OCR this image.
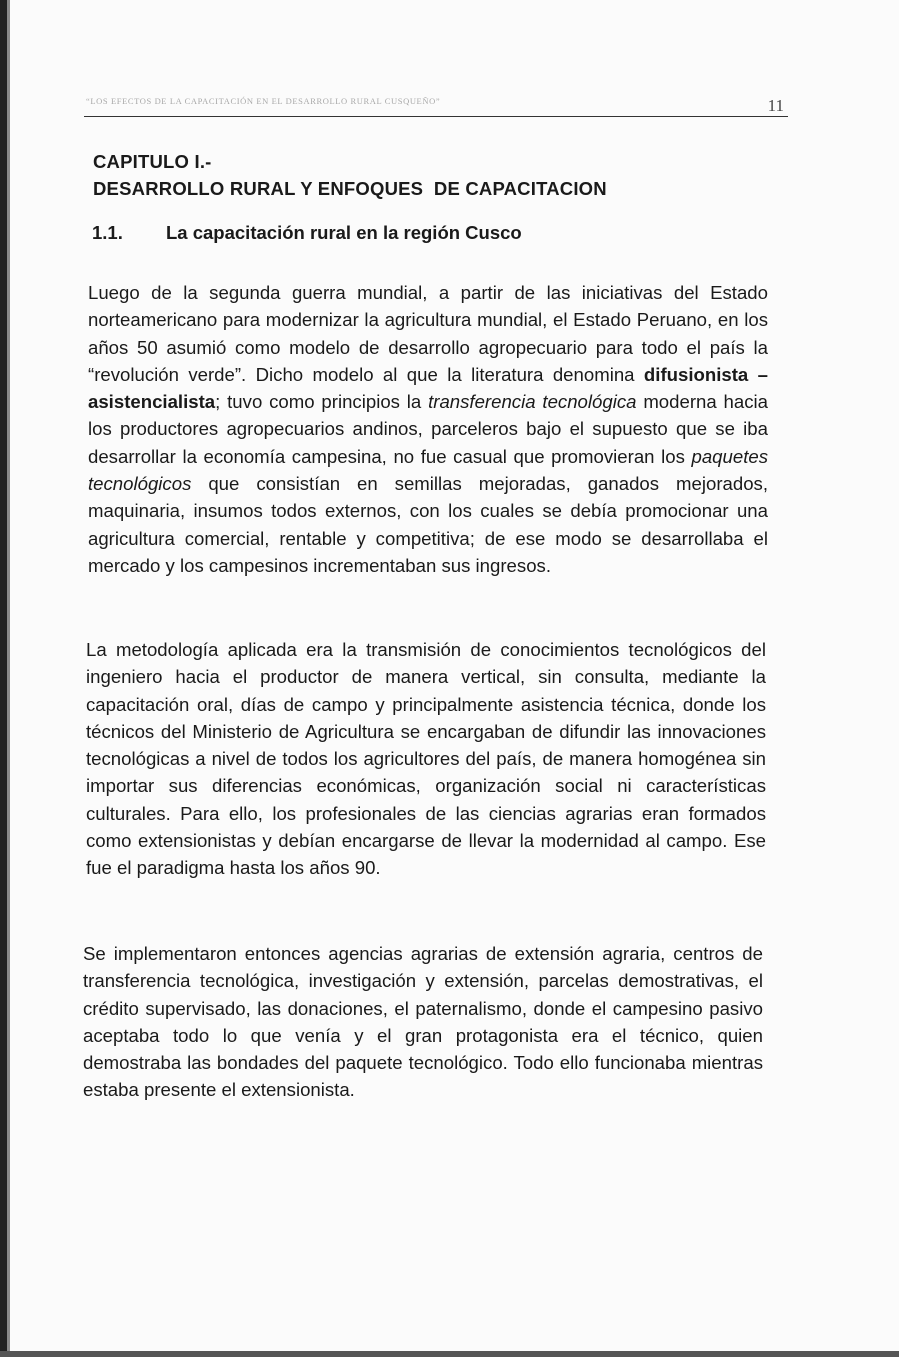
“LOS EFECTOS DE LA CAPACITACIÓN EN EL DESARROLLO RURAL CUSQUEÑO”	11
CAPITULO I.-
DESARROLLO RURAL Y ENFOQUES  DE CAPACITACION
1.1. La capacitación rural en la región Cusco
Luego de la segunda guerra mundial, a partir de las iniciativas del Estado norteamericano para modernizar la agricultura mundial, el Estado Peruano, en los años 50 asumió como modelo de desarrollo agropecuario para todo el país la “revolución verde”. Dicho modelo al que la literatura denomina difusionista – asistencialista; tuvo como principios la transferencia tecnológica moderna hacia los productores agropecuarios andinos, parceleros bajo el supuesto que se iba desarrollar la economía campesina, no fue casual que promovieran los paquetes tecnológicos que consistían en semillas mejoradas, ganados mejorados, maquinaria, insumos todos externos, con los cuales se debía promocionar una agricultura comercial, rentable y competitiva; de ese modo se desarrollaba el mercado y los campesinos incrementaban sus ingresos.
La metodología aplicada era la transmisión de conocimientos tecnológicos del ingeniero hacia el productor de manera vertical, sin consulta, mediante la capacitación oral, días de campo y principalmente asistencia técnica, donde los técnicos del Ministerio de Agricultura se encargaban de difundir las innovaciones tecnológicas a nivel de todos los agricultores del país, de manera homogénea sin importar sus diferencias económicas, organización social ni características culturales. Para ello, los profesionales de las ciencias agrarias eran formados como extensionistas y debían encargarse de llevar la modernidad al campo. Ese fue el paradigma hasta los años 90.
Se implementaron entonces agencias agrarias de extensión agraria, centros de transferencia tecnológica, investigación y extensión, parcelas demostrativas, el crédito supervisado, las donaciones, el paternalismo, donde el campesino pasivo aceptaba todo lo que venía y el gran protagonista era el técnico, quien demostraba las bondades del paquete tecnológico. Todo ello funcionaba mientras estaba presente el extensionista.
